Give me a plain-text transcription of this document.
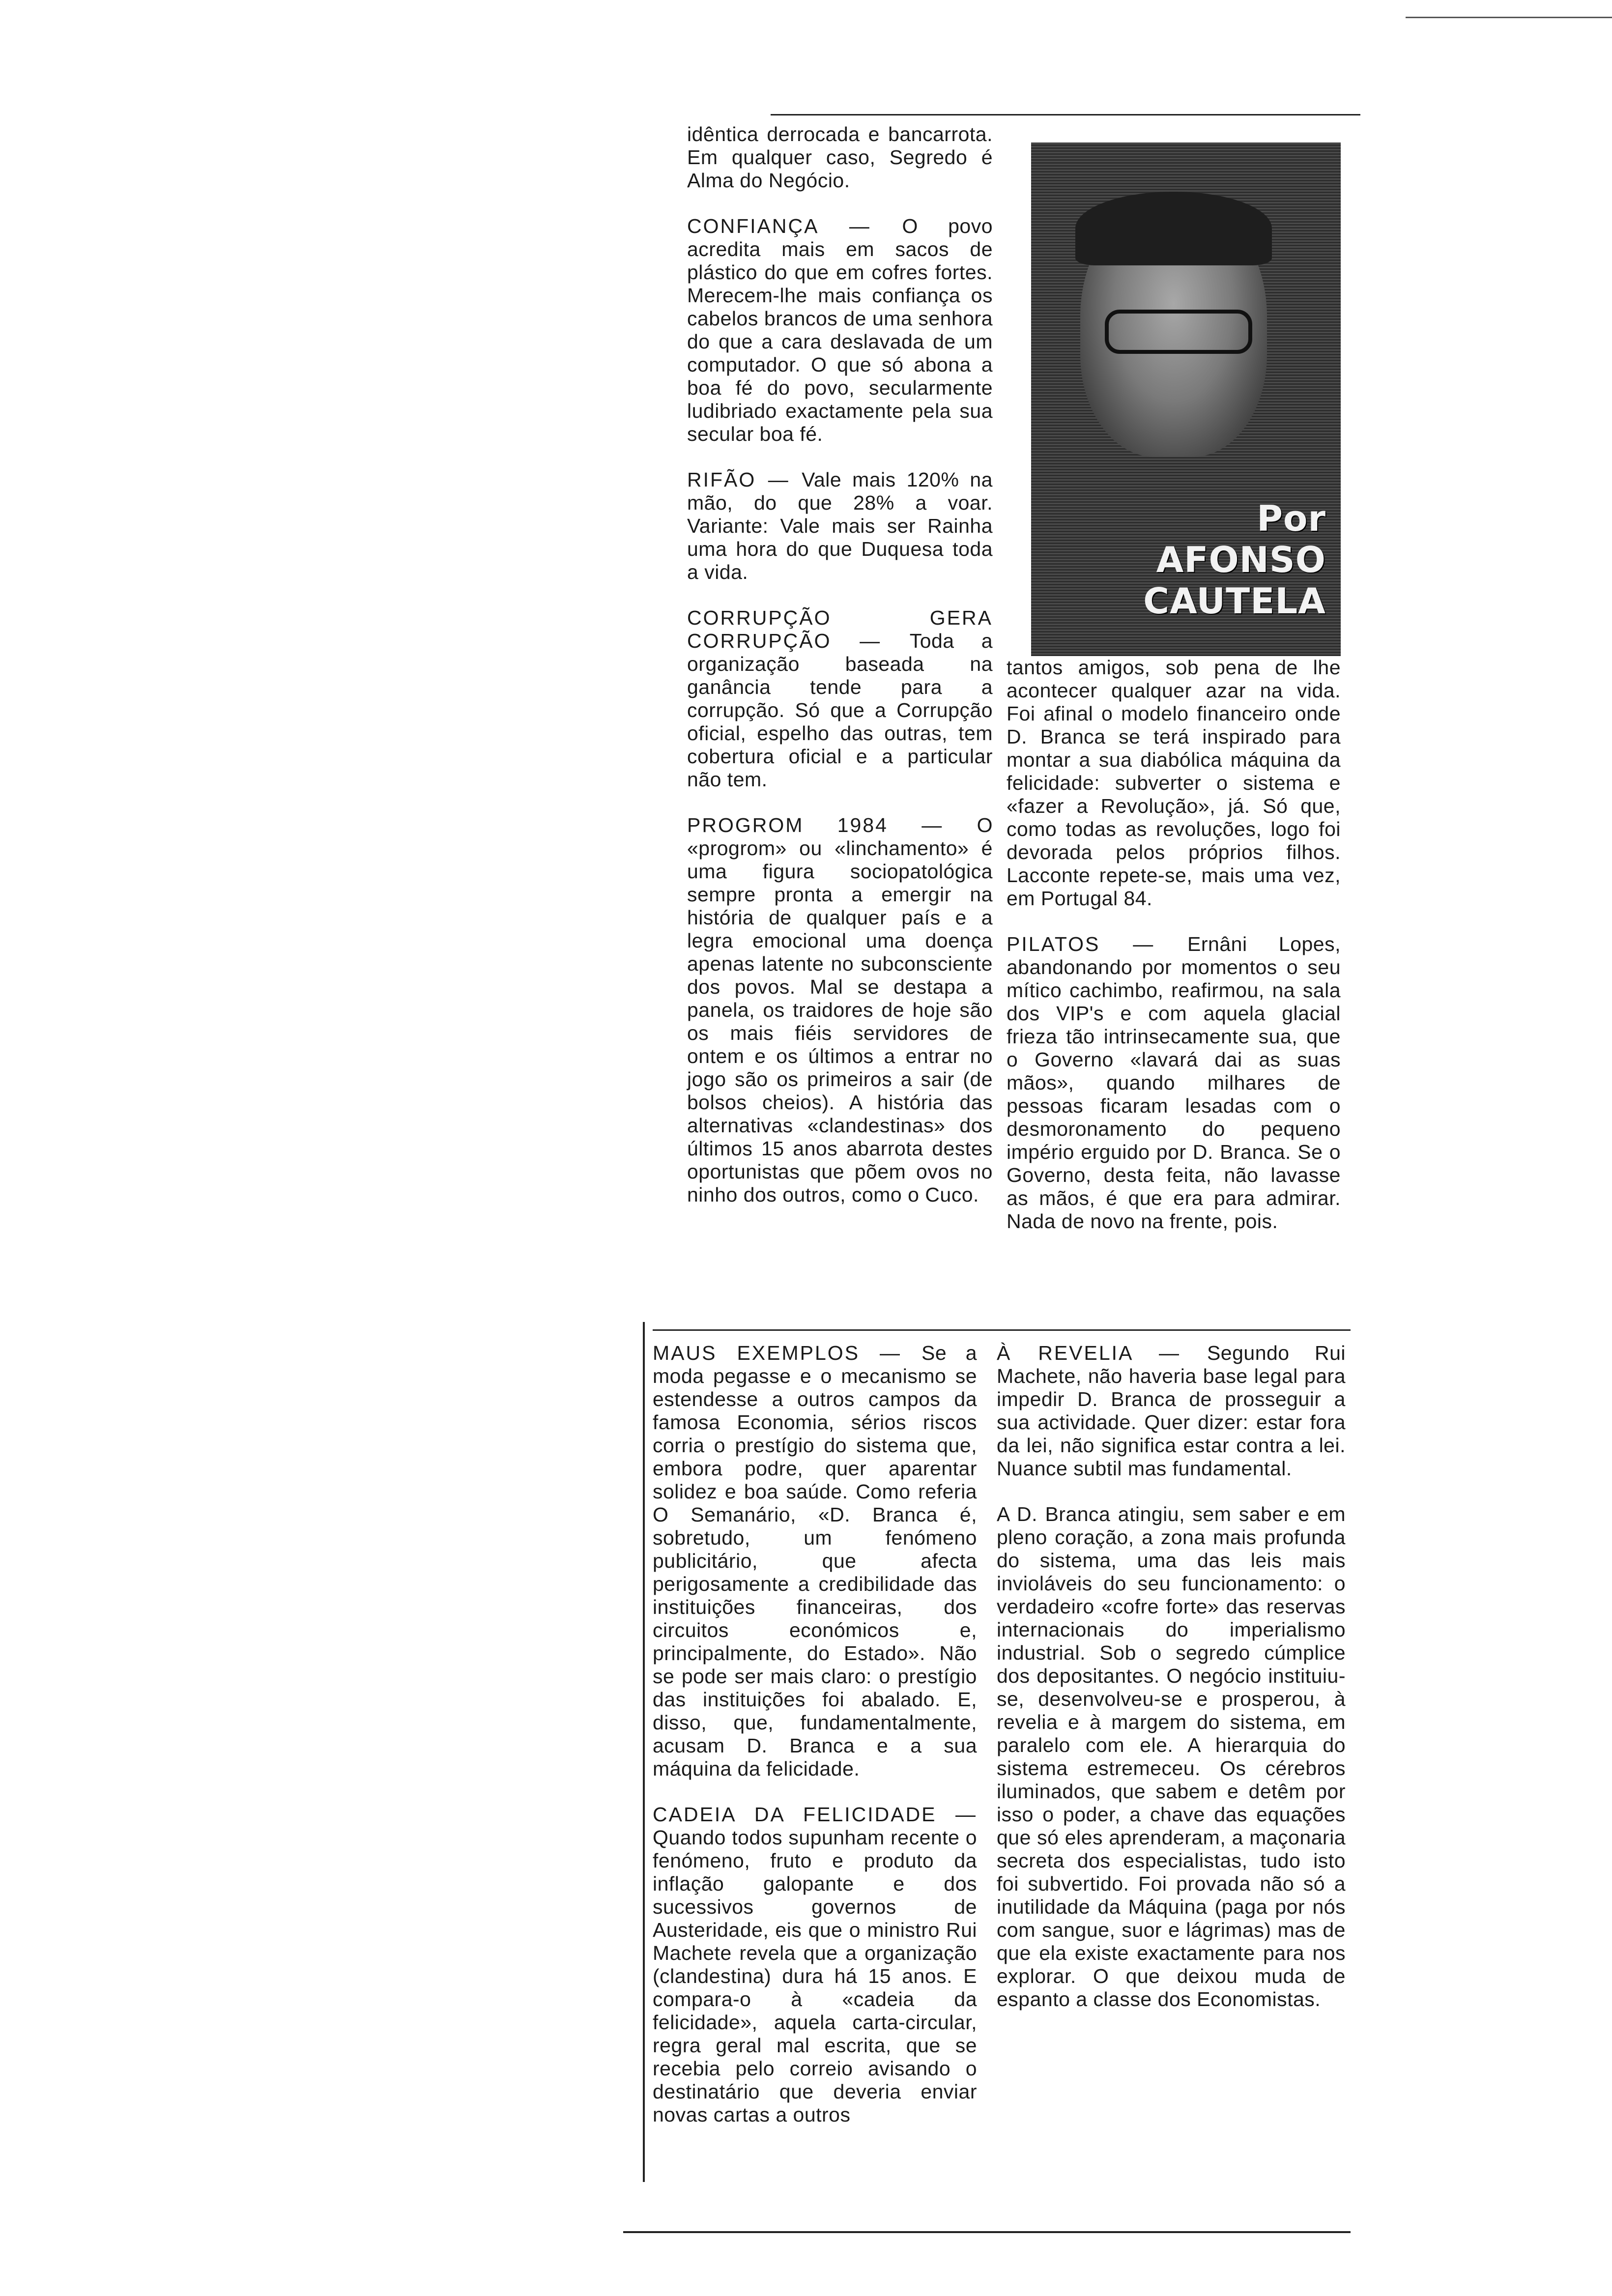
idêntica derrocada e bancarrota. Em qualquer caso, Segredo é Alma do Negócio.

CONFIANÇA — O povo acredita mais em sacos de plástico do que em cofres fortes. Merecem-lhe mais confiança os cabelos brancos de uma senhora do que a cara deslavada de um computador. O que só abona a boa fé do povo, secularmente ludibriado exactamente pela sua secular boa fé.

RIFÃO — Vale mais 120% na mão, do que 28% a voar. Variante: Vale mais ser Rainha uma hora do que Duquesa toda a vida.

CORRUPÇÃO GERA CORRUPÇÃO — Toda a organização baseada na ganância tende para a corrupção. Só que a Corrupção oficial, espelho das outras, tem cobertura oficial e a particular não tem.

PROGROM 1984 — O «progrom» ou «linchamento» é uma figura sociopatológica sempre pronta a emergir na história de qualquer país e a legra emocional uma doença apenas latente no subconsciente dos povos. Mal se destapa a panela, os traidores de hoje são os mais fiéis servidores de ontem e os últimos a entrar no jogo são os primeiros a sair (de bolsos cheios). A história das alternativas «clandestinas» dos últimos 15 anos abarrota destes oportunistas que põem ovos no ninho dos outros, como o Cuco.

Por
AFONSO
CAUTELA

tantos amigos, sob pena de lhe acontecer qualquer azar na vida. Foi afinal o modelo financeiro onde D. Branca se terá inspirado para montar a sua diabólica máquina da felicidade: subverter o sistema e «fazer a Revolução», já. Só que, como todas as revoluções, logo foi devorada pelos próprios filhos. Lacconte repete-se, mais uma vez, em Portugal 84.

PILATOS — Ernâni Lopes, abandonando por momentos o seu mítico cachimbo, reafirmou, na sala dos VIP's e com aquela glacial frieza tão intrinsecamente sua, que o Governo «lavará dai as suas mãos», quando milhares de pessoas ficaram lesadas com o desmoronamento do pequeno império erguido por D. Branca. Se o Governo, desta feita, não lavasse as mãos, é que era para admirar. Nada de novo na frente, pois.

MAUS EXEMPLOS — Se a moda pegasse e o mecanismo se estendesse a outros campos da famosa Economia, sérios riscos corria o prestígio do sistema que, embora podre, quer aparentar solidez e boa saúde. Como referia O Semanário, «D. Branca é, sobretudo, um fenómeno publicitário, que afecta perigosamente a credibilidade das instituições financeiras, dos circuitos económicos e, principalmente, do Estado». Não se pode ser mais claro: o prestígio das instituições foi abalado. E, disso, que, fundamentalmente, acusam D. Branca e a sua máquina da felicidade.

CADEIA DA FELICIDADE — Quando todos supunham recente o fenómeno, fruto e produto da inflação galopante e dos sucessivos governos de Austeridade, eis que o ministro Rui Machete revela que a organização (clandestina) dura há 15 anos. E compara-o à «cadeia da felicidade», aquela carta-circular, regra geral mal escrita, que se recebia pelo correio avisando o destinatário que deveria enviar novas cartas a outros

À REVELIA — Segundo Rui Machete, não haveria base legal para impedir D. Branca de prosseguir a sua actividade. Quer dizer: estar fora da lei, não significa estar contra a lei. Nuance subtil mas fundamental.

A D. Branca atingiu, sem saber e em pleno coração, a zona mais profunda do sistema, uma das leis mais invioláveis do seu funcionamento: o verdadeiro «cofre forte» das reservas internacionais do imperialismo industrial. Sob o segredo cúmplice dos depositantes. O negócio instituiu-se, desenvolveu-se e prosperou, à revelia e à margem do sistema, em paralelo com ele. A hierarquia do sistema estremeceu. Os cérebros iluminados, que sabem e detêm por isso o poder, a chave das equações que só eles aprenderam, a maçonaria secreta dos especialistas, tudo isto foi subvertido. Foi provada não só a inutilidade da Máquina (paga por nós com sangue, suor e lágrimas) mas de que ela existe exactamente para nos explorar. O que deixou muda de espanto a classe dos Economistas.
